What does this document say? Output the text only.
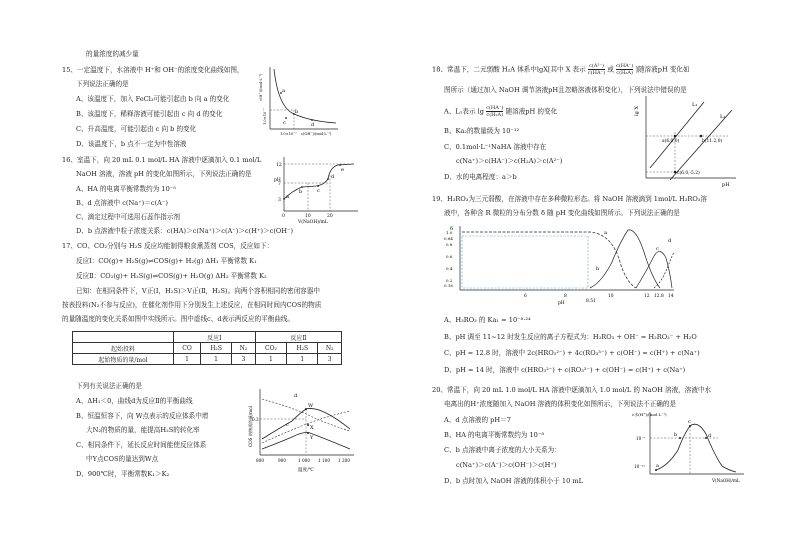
的量浓度的减少量
15、一定温度下，水溶液中 H⁺和 OH⁻的浓度变化曲线如图，
下列说法正确的是
A、该温度下，加入 FeCl₃可能引起由 b 向 a 的变化
B、该温度下，稀释溶液可能引起由 c 向 d 的变化
C、升高温度，可能引起由 c 向 b 的变化
D、该温度下，b 点不一定为中性溶液
a
b
c	d
1.0×10⁻⁷
c(H⁺)/(mol·L⁻¹)
1.0×10⁻⁷ c(OH⁻)/(mol·L⁻¹)
16、室温下，向 20 mL 0.1 mol/L HA 溶液中逐滴加入 0.1 mol/L
NaOH 溶液，溶液 pH 的变化如图所示，下列说法正确的是
A、HA 的电离平衡常数约为 10⁻⁵
B、d 点溶液中 c(Na⁺)＝c(A⁻)
C、滴定过程中可选用石蕊作指示剂
D、b 点溶液中粒子浓度关系：c(HA)＞c(Na⁺)＞c(A⁻)＞c(H⁺)＞c(OH⁻)
a
b	c
d
e
12
7
3
pH
0	10	20
V(NaOH)/mL
17、CO、CO₂分别与 H₂S 反应均能制得粮食熏蒸剂 COS，反应如下：
反应Ⅰ：CO(g)+ H₂S(g)⇌COS(g)+ H₂(g) ΔH₁ 平衡常数 K₁
反应Ⅱ：CO₂(g)+ H₂S(g)⇌COS(g)+ H₂O(g) ΔH₂ 平衡常数 K₂
已知：在相同条件下，V正(Ⅰ，H₂S)＞V正(Ⅱ，H₂S)。向两个容积相同的密闭容器中
按表投料(N₂不参与反应)，在催化剂作用下分别发生上述反应，在相同时间内COS的物质
的量随温度的变化关系如图中实线所示。图中虚线c、d表示两反应的平衡曲线。
	反应Ⅰ			反应Ⅱ		
起始投料	CO	H₂S	N₂	CO₂	H₂S	N₂
起始物质的量/mol	1	1	3	1	1	3
下列有关说法正确的是
A、ΔH₁＜0，曲线d为反应Ⅱ的平衡曲线
B、恒温恒容下，向 W点表示的反应体系中增
大N₂的物质的量，能提高H₂S的转化率
C、相同条件下，延长反应时间能使反应体系
中Y点COS的量达到W点
D、900℃时，平衡常数K₁＞K₂
d
W
c	X
Y
0.3
COS 的物质的量/mol
800	900	1 000 1 100 1 200
温度/℃
18、常温下，二元弱酸 H₂A 体系中lgX[其中 X 表示 $\frac{\text{c(A²⁻)}}{c(HA^-)}$ 或 $\frac{c(HA^-)}{\text{c(H₂A)}}$ ]随溶液pH 变化如
图所示（通过加入 NaOH 调节溶液pH且忽略溶液体积变化），下列说法中错误的是
A、L₁表示 $\lg \frac{c(HA^-)}{\text{c(H₂A)}}$ 随溶液pH 的变化
B、Ka₂的数量级为 10⁻¹²
C、0.1mol·L⁻¹NaHA 溶液中存在
c(Na⁺)＞c(HA⁻)＞c(H₂A)＞c(A²⁻)
D、水的电离程度：a＞b
L₁
L₂
a(6.0,0)	b(11.2,0)
c(6.0,-5.2)
lg X
pH
19、H₃RO₃为三元弱酸，在溶液中存在多种微粒形态。将 NaOH 溶液滴到 1mol/L H₃RO₃溶
液中，各种含 R 微粒的分布分数 δ 随 pH 变化曲线如图所示。下列说法正确的是
a
b
c
d
δ
1.0
0.84
0.8
0.6
0.4
0.2
0.16
6	8
8.51
10	12 12.8 14
pH
A、H₃RO₃ 的 Ka₁ = 10⁻⁸·²⁴
B、pH 调至 11~12 时发生反应的离子方程式为：H₃RO₃ + OH⁻ = H₂RO₃⁻ + H₂O
C、pH = 12.8 时，溶液中 2c(HRO₃²⁻) + 4c(RO₃³⁻) + c(OH⁻) = c(H⁺) + c(Na⁺)
D、pH = 14 时，溶液中 c(HRO₃²⁻) + c(RO₃³⁻) + c(OH⁻) = c(H⁺) + c(Na⁺)
20、常温下，向 20 mL 1.0 mol/L HA 溶液中逐滴加入 1.0 mol/L 的 NaOH 溶液，溶液中水
电离出的H⁺浓度随加入 NaOH 溶液的体积变化如图所示，下列说法不正确的是
A、d 点溶液的 pH＝7
B、HA 的电离平衡常数约为 10⁻⁸
C、b 点溶液中离子浓度的大小关系为：
c(Na⁺)＞c(A⁻)＞c(OH⁻)＞c(H⁺)
D、b 点时加入 NaOH 溶液的体积小于 10 mL
a
b
c
d
c水(H⁺)/(mol·L⁻¹)
10⁻⁷
10⁻¹⁰
V(NaOH)/mL
